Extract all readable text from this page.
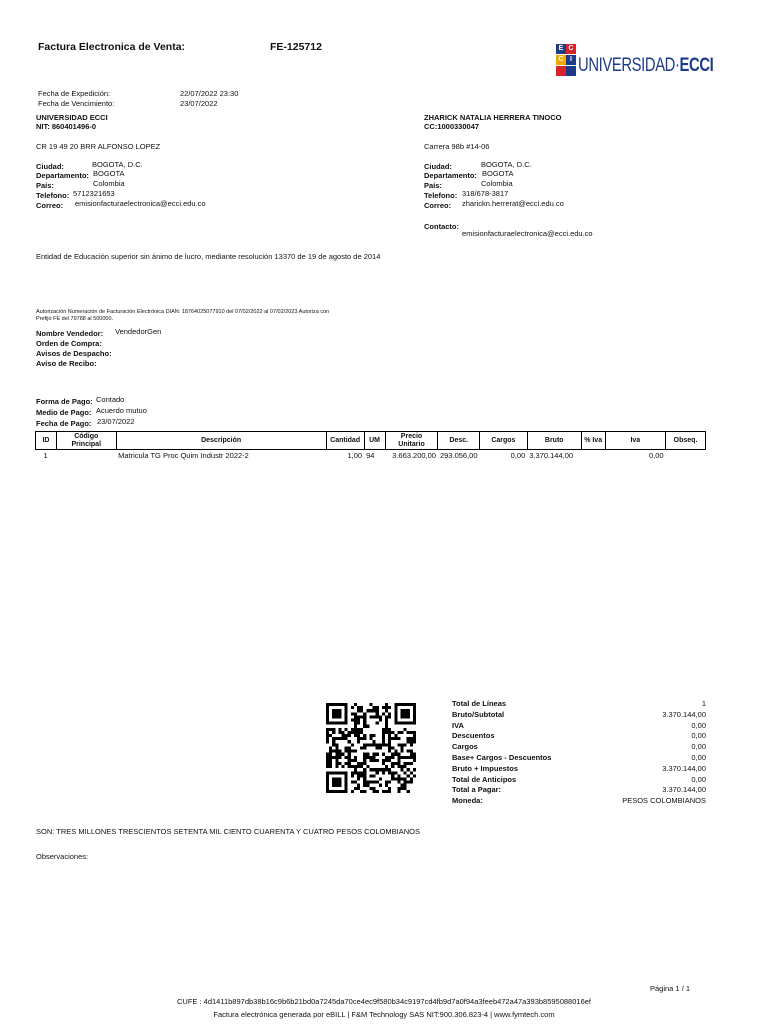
Factura Electronica de Venta:	FE-125712	E C
C I UNIVERSIDAD·ECCI
Fecha de Expedición:	22/07/2022 23:30
Fecha de Vencimiento:	23/07/2022
UNIVERSIDAD ECCI
NIT: 860401496-0
CR 19 49 20 BRR ALFONSO LOPEZ
Ciudad:	BOGOTA, D.C.
Departamento: BOGOTA
País:	Colombia
Telefono: 5712321653
Correo: emisionfacturaelectronica@ecci.edu.co
ZHARICK NATALIA HERRERA TINOCO
CC:1000330047
Carrera 98b #14-06
Ciudad:	BOGOTA, D.C.
Departamento: BOGOTA
País:	Colombia
Telefono: 318/678-3817
Correo: zharickn.herrerat@ecci.edu.co
Contacto:
emisionfacturaelectronica@ecci.edu.co
Entidad de Educación superior sin ánimo de lucro, mediante resolución 13370 de 19 de agosto de 2014
Autorización Numeración de Facturación Electrónica DIAN: 18764025077910 del 07/02/2022 al 07/02/2023 Autoriza con
Prefijo FE del 79788 al 500000.
Nombre Vendedor: VendedorGen
Orden de Compra:
Avisos de Despacho:
Aviso de Recibo:
Forma de Pago: Contado
Medio de Pago: Acuerdo mutuo
Fecha de Pago: 23/07/2022
ID	Código Principal	Descripción	Cantidad	UM	Precio Unitario	Desc.	Cargos	Bruto	% Iva	Iva	Obseq.
1		Matricula TG Proc Quim Industr 2022-2	1,00	94	3.663.200,00	293.056,00	0,00	3.370.144,00		0,00	
Total de Líneas	1
Bruto/Subtotal	3.370.144,00
IVA	0,00
Descuentos	0,00
Cargos	0,00
Base+ Cargos - Descuentos	0,00
Bruto + Impuestos	3.370.144,00
Total de Anticipos	0,00
Total a Pagar:	3.370.144,00
Moneda:	PESOS COLOMBIANOS
SON: TRES MILLONES TRESCIENTOS SETENTA MIL CIENTO CUARENTA Y CUATRO PESOS COLOMBIANOS
Observaciones:
Página 1 / 1
CUFE : 4d1411b897db38b16c9b6b21bd0a7245da70ce4ec9f580b34c9197cd4fb9d7a0f94a3feeb472a47a393b8595088016ef
Factura electrónica generada por eBILL | F&M Technology SAS NIT:900.306.823-4 | www.fymtech.com
